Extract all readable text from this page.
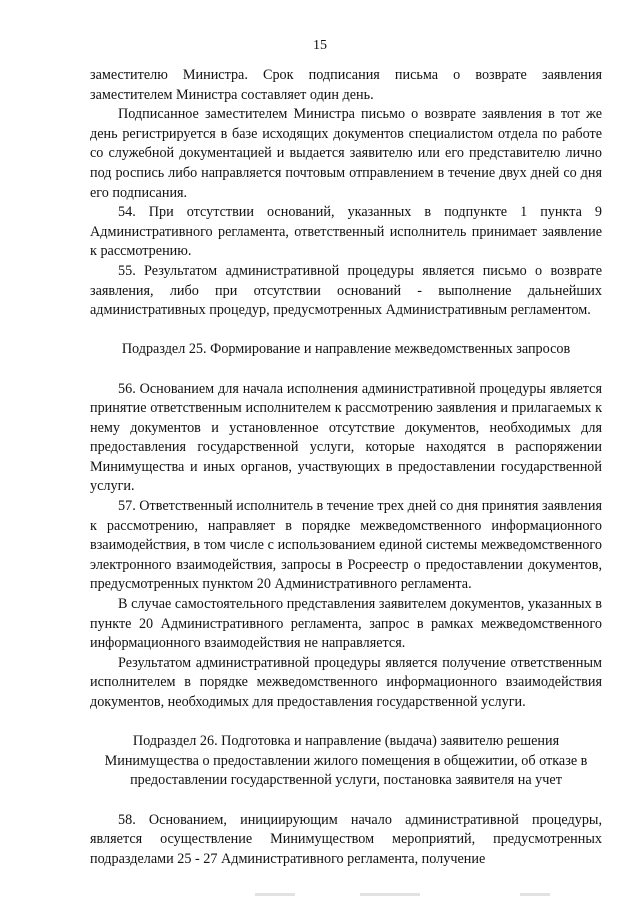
15

заместителю Министра. Срок подписания письма о возврате заявления заместителем Министра составляет один день.

Подписанное заместителем Министра письмо о возврате заявления в тот же день регистрируется в базе исходящих документов специалистом отдела по работе со служебной документацией и выдается заявителю или его представителю лично под роспись либо направляется почтовым отправлением в течение двух дней со дня его подписания.

54. При отсутствии оснований, указанных в подпункте 1 пункта 9 Административного регламента, ответственный исполнитель принимает заявление к рассмотрению.

55. Результатом административной процедуры является письмо о возврате заявления, либо при отсутствии оснований - выполнение дальнейших административных процедур, предусмотренных Административным регламентом.

Подраздел 25. Формирование и направление межведомственных запросов

56. Основанием для начала исполнения административной процедуры является принятие ответственным исполнителем к рассмотрению заявления и прилагаемых к нему документов и установленное отсутствие документов, необходимых для предоставления государственной услуги, которые находятся в распоряжении Минимущества и иных органов, участвующих в предоставлении государственной услуги.

57. Ответственный исполнитель в течение трех дней со дня принятия заявления к рассмотрению, направляет в порядке межведомственного информационного взаимодействия, в том числе с использованием единой системы межведомственного электронного взаимодействия, запросы в Росреестр о предоставлении документов, предусмотренных пунктом 20 Административного регламента.

В случае самостоятельного представления заявителем документов, указанных в пункте 20 Административного регламента, запрос в рамках межведомственного информационного взаимодействия не направляется.

Результатом административной процедуры является получение ответственным исполнителем в порядке межведомственного информационного взаимодействия документов, необходимых для предоставления государственной услуги.

Подраздел 26. Подготовка и направление (выдача) заявителю решения Минимущества о предоставлении жилого помещения в общежитии, об отказе в предоставлении государственной услуги, постановка заявителя на учет

58. Основанием, инициирующим начало административной процедуры, является осуществление Минимуществом мероприятий, предусмотренных подразделами 25 - 27 Административного регламента, получение
